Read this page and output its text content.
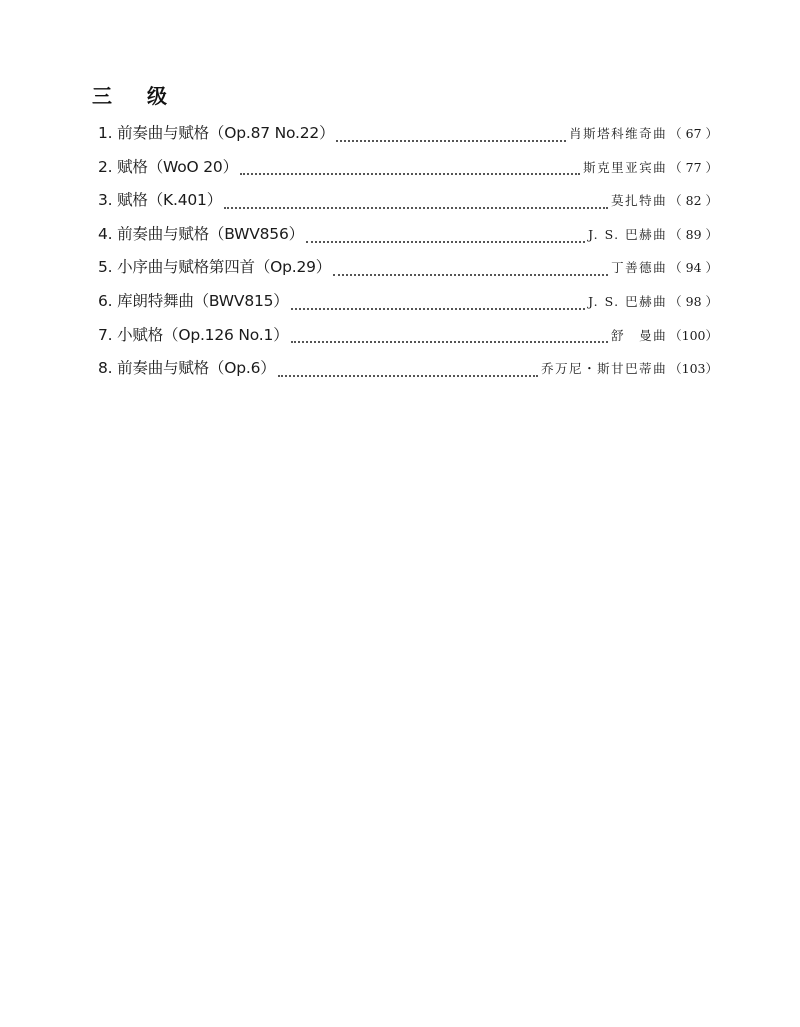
三 级
1. 前奏曲与赋格（Op.87 No.22）	肖斯塔科维奇曲 （ 67 ）
2. 赋格（WoO 20）	斯克里亚宾曲 （ 77 ）
3. 赋格（K.401）	莫扎特曲 （ 82 ）
4. 前奏曲与赋格（BWV856）	J. S. 巴赫曲 （ 89 ）
5. 小序曲与赋格第四首（Op.29）	丁善德曲 （ 94 ）
6. 库朗特舞曲（BWV815）	J. S. 巴赫曲 （ 98 ）
7. 小赋格（Op.126 No.1）	舒　曼曲 （100）
8. 前奏曲与赋格（Op.6）	乔万尼・斯甘巴蒂曲 （103）
